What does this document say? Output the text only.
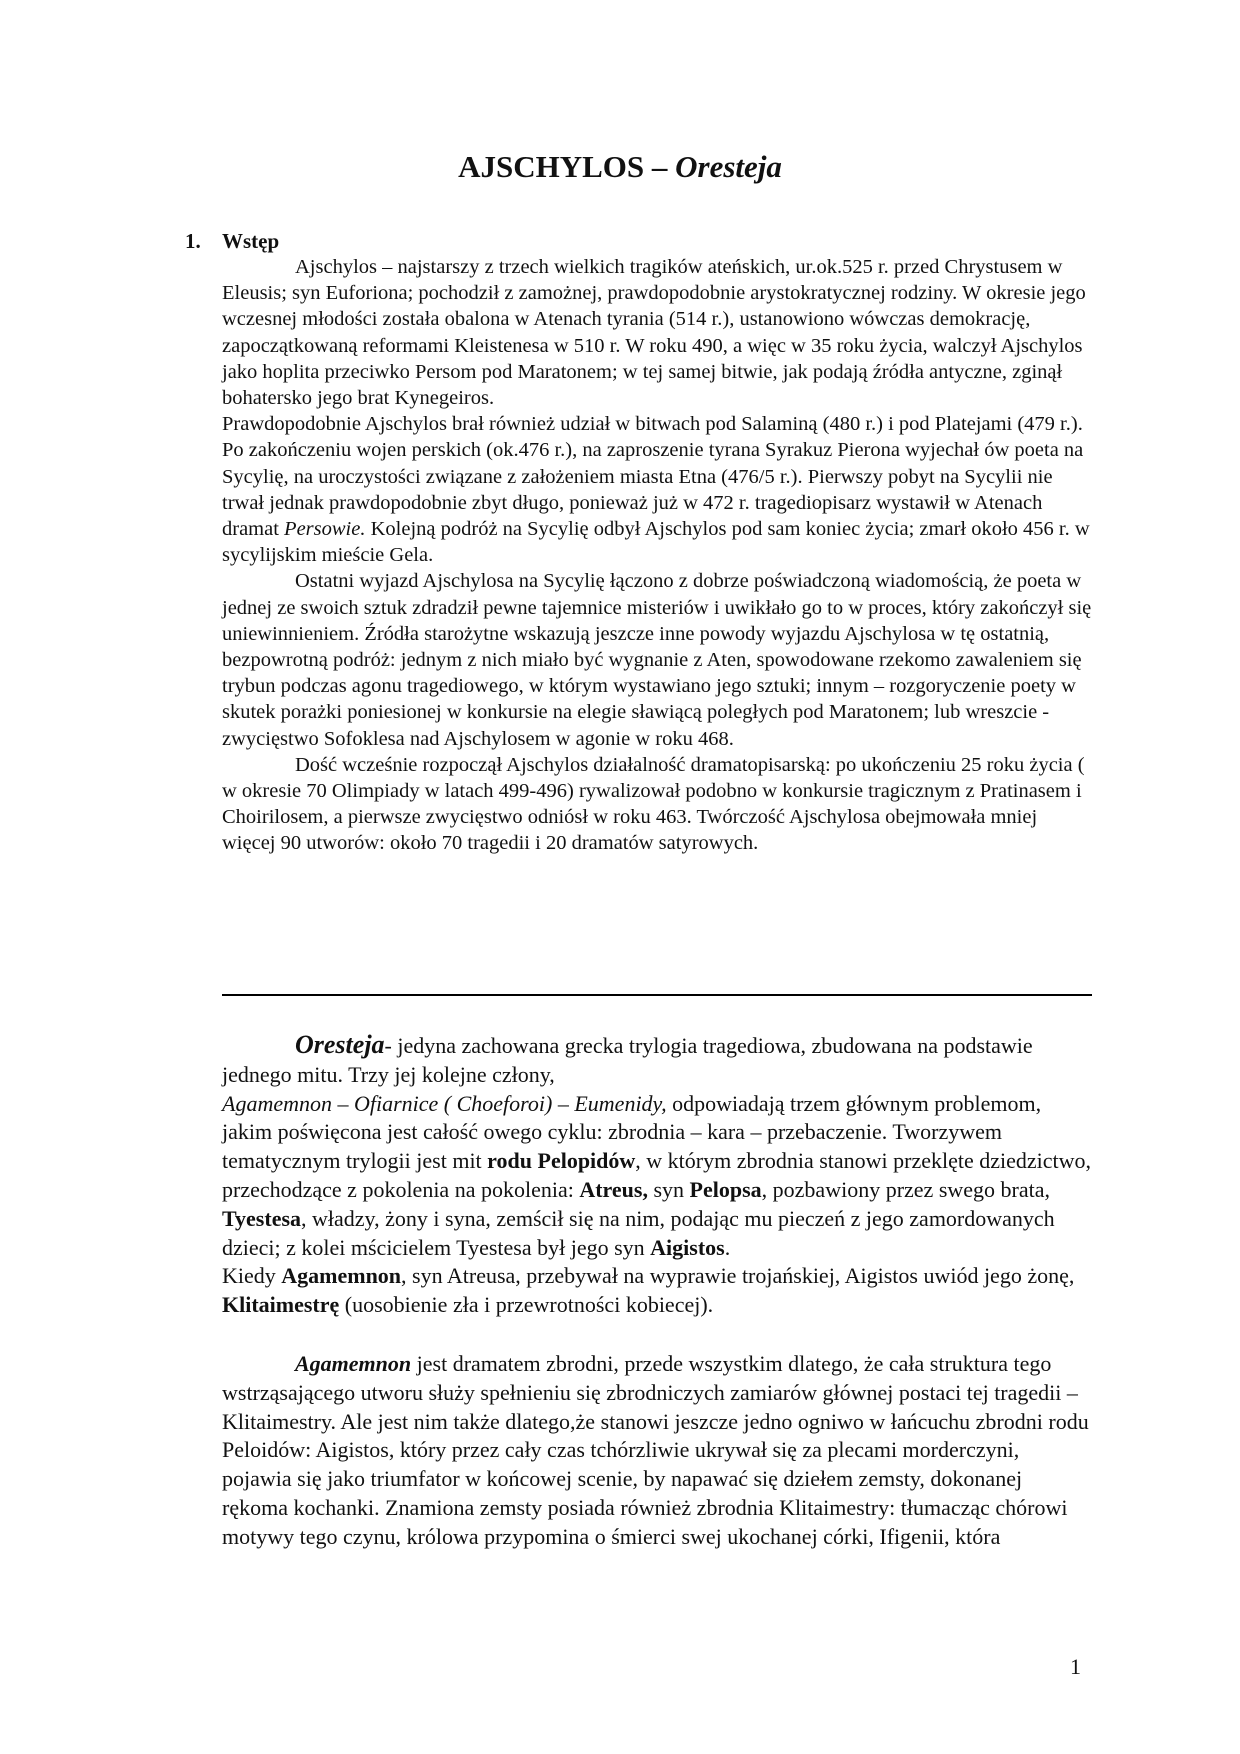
AJSCHYLOS – Oresteja
1. Wstęp

Ajschylos – najstarszy z trzech wielkich tragików ateńskich, ur.ok.525 r. przed Chrystusem w Eleusis; syn Euforiona; pochodził z zamożnej, prawdopodobnie arystokratycznej rodziny. W okresie jego wczesnej młodości została obalona w Atenach tyrania (514 r.), ustanowiono wówczas demokrację, zapoczątkowaną reformami Kleistenesa w 510 r. W roku 490, a więc w 35 roku życia, walczył Ajschylos jako hoplita przeciwko Persom pod Maratonem; w tej samej bitwie, jak podają źródła antyczne, zginął bohatersko jego brat Kynegeiros.

Prawdopodobnie Ajschylos brał również udział w bitwach pod Salaminą (480 r.) i pod Platejami (479 r.). Po zakończeniu wojen perskich (ok.476 r.), na zaproszenie tyrana Syrakuz Pierona wyjechał ów poeta na Sycylię, na uroczystości związane z założeniem miasta Etna (476/5 r.). Pierwszy pobyt na Sycylii nie trwał jednak prawdopodobnie zbyt długo, ponieważ już w 472 r. tragediopisarz wystawił w Atenach dramat Persowie. Kolejną podróż na Sycylię odbył Ajschylos pod sam koniec życia; zmarł około 456 r. w sycylijskim mieście Gela.

Ostatni wyjazd Ajschylosa na Sycylię łączono z dobrze poświadczoną wiadomością, że poeta w jednej ze swoich sztuk zdradził pewne tajemnice misteriów i uwikłało go to w proces, który zakończył się uniewinnieniem. Źródła starożytne wskazują jeszcze inne powody wyjazdu Ajschylosa w tę ostatnią, bezpowrotną podróż: jednym z nich miało być wygnanie z Aten, spowodowane rzekomo zawaleniem się trybun podczas agonu tragediowego, w którym wystawiano jego sztuki; innym – rozgoryczenie poety w skutek porażki poniesionej w konkursie na elegie sławiącą poległych pod Maratonem; lub wreszcie - zwycięstwo Sofoklesa nad Ajschylosem w agonie w roku 468.

Dość wcześnie rozpoczął Ajschylos działalność dramatopisarską: po ukończeniu 25 roku życia ( w okresie 70 Olimpiady w latach 499-496) rywalizował podobno w konkursie tragicznym z Pratinasem i Choirilosem, a pierwsze zwycięstwo odniósł w roku 463. Twórczość Ajschylosa obejmowała mniej więcej 90 utworów: około 70 tragedii i 20 dramatów satyrowych.

Oresteja- jedyna zachowana grecka trylogia tragediowa, zbudowana na podstawie jednego mitu. Trzy jej kolejne człony,
Agamemnon – Ofiarnice ( Choeforoi) – Eumenidy, odpowiadają trzem głównym problemom, jakim poświęcona jest całość owego cyklu: zbrodnia – kara – przebaczenie. Tworzywem tematycznym trylogii jest mit rodu Pelopidów, w którym zbrodnia stanowi przeklęte dziedzictwo, przechodzące z pokolenia na pokolenia: Atreus, syn Pelopsa, pozbawiony przez swego brata, Tyestesa, władzy, żony i syna, zemścił się na nim, podając mu pieczeń z jego zamordowanych dzieci; z kolei mścicielem Tyestesa był jego syn Aigistos.

Kiedy Agamemnon, syn Atreusa, przebywał na wyprawie trojańskiej, Aigistos uwiód jego żonę, Klitaimestrę (uosobienie zła i przewrotności kobiecej).

Agamemnon jest dramatem zbrodni, przede wszystkim dlatego, że cała struktura tego wstrząsającego utworu służy spełnieniu się zbrodniczych zamiarów głównej postaci tej tragedii – Klitaimestry. Ale jest nim także dlatego,że stanowi jeszcze jedno ogniwo w łańcuchu zbrodni rodu Peloidów: Aigistos, który przez cały czas tchórzliwie ukrywał się za plecami morderczyni, pojawia się jako triumfator w końcowej scenie, by napawać się dziełem zemsty, dokonanej rękoma kochanki. Znamiona zemsty posiada również zbrodnia Klitaimestry: tłumacząc chórowi motywy tego czynu, królowa przypomina o śmierci swej ukochanej córki, Ifigenii, która

1
